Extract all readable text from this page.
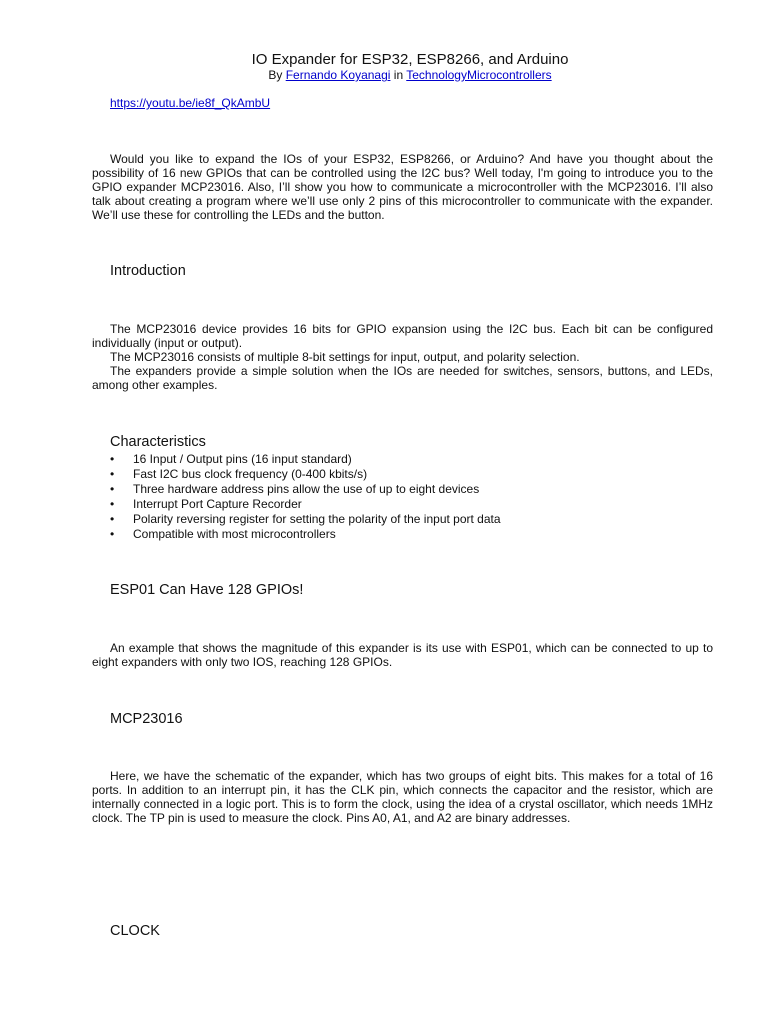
IO Expander for ESP32, ESP8266, and Arduino
By Fernando Koyanagi in TechnologyMicrocontrollers
https://youtu.be/ie8f_QkAmbU

Would you like to expand the IOs of your ESP32, ESP8266, or Arduino? And have you thought about the possibility of 16 new GPIOs that can be controlled using the I2C bus? Well today, I'm going to introduce you to the GPIO expander MCP23016. Also, I’ll show you how to communicate a microcontroller with the MCP23016. I’ll also talk about creating a program where we’ll use only 2 pins of this microcontroller to communicate with the expander. We’ll use these for controlling the LEDs and the button.

Introduction

The MCP23016 device provides 16 bits for GPIO expansion using the I2C bus. Each bit can be configured individually (input or output).

The MCP23016 consists of multiple 8-bit settings for input, output, and polarity selection.

The expanders provide a simple solution when the IOs are needed for switches, sensors, buttons, and LEDs, among other examples.

Characteristics
• 16 Input / Output pins (16 input standard)
• Fast I2C bus clock frequency (0-400 kbits/s)
• Three hardware address pins allow the use of up to eight devices
• Interrupt Port Capture Recorder
• Polarity reversing register for setting the polarity of the input port data
• Compatible with most microcontrollers
ESP01 Can Have 128 GPIOs!

An example that shows the magnitude of this expander is its use with ESP01, which can be connected to up to eight expanders with only two IOS, reaching 128 GPIOs.

MCP23016

Here, we have the schematic of the expander, which has two groups of eight bits. This makes for a total of 16 ports. In addition to an interrupt pin, it has the CLK pin, which connects the capacitor and the resistor, which are internally connected in a logic port. This is to form the clock, using the idea of a crystal oscillator, which needs 1MHz clock. The TP pin is used to measure the clock. Pins A0, A1, and A2 are binary addresses.

CLOCK
